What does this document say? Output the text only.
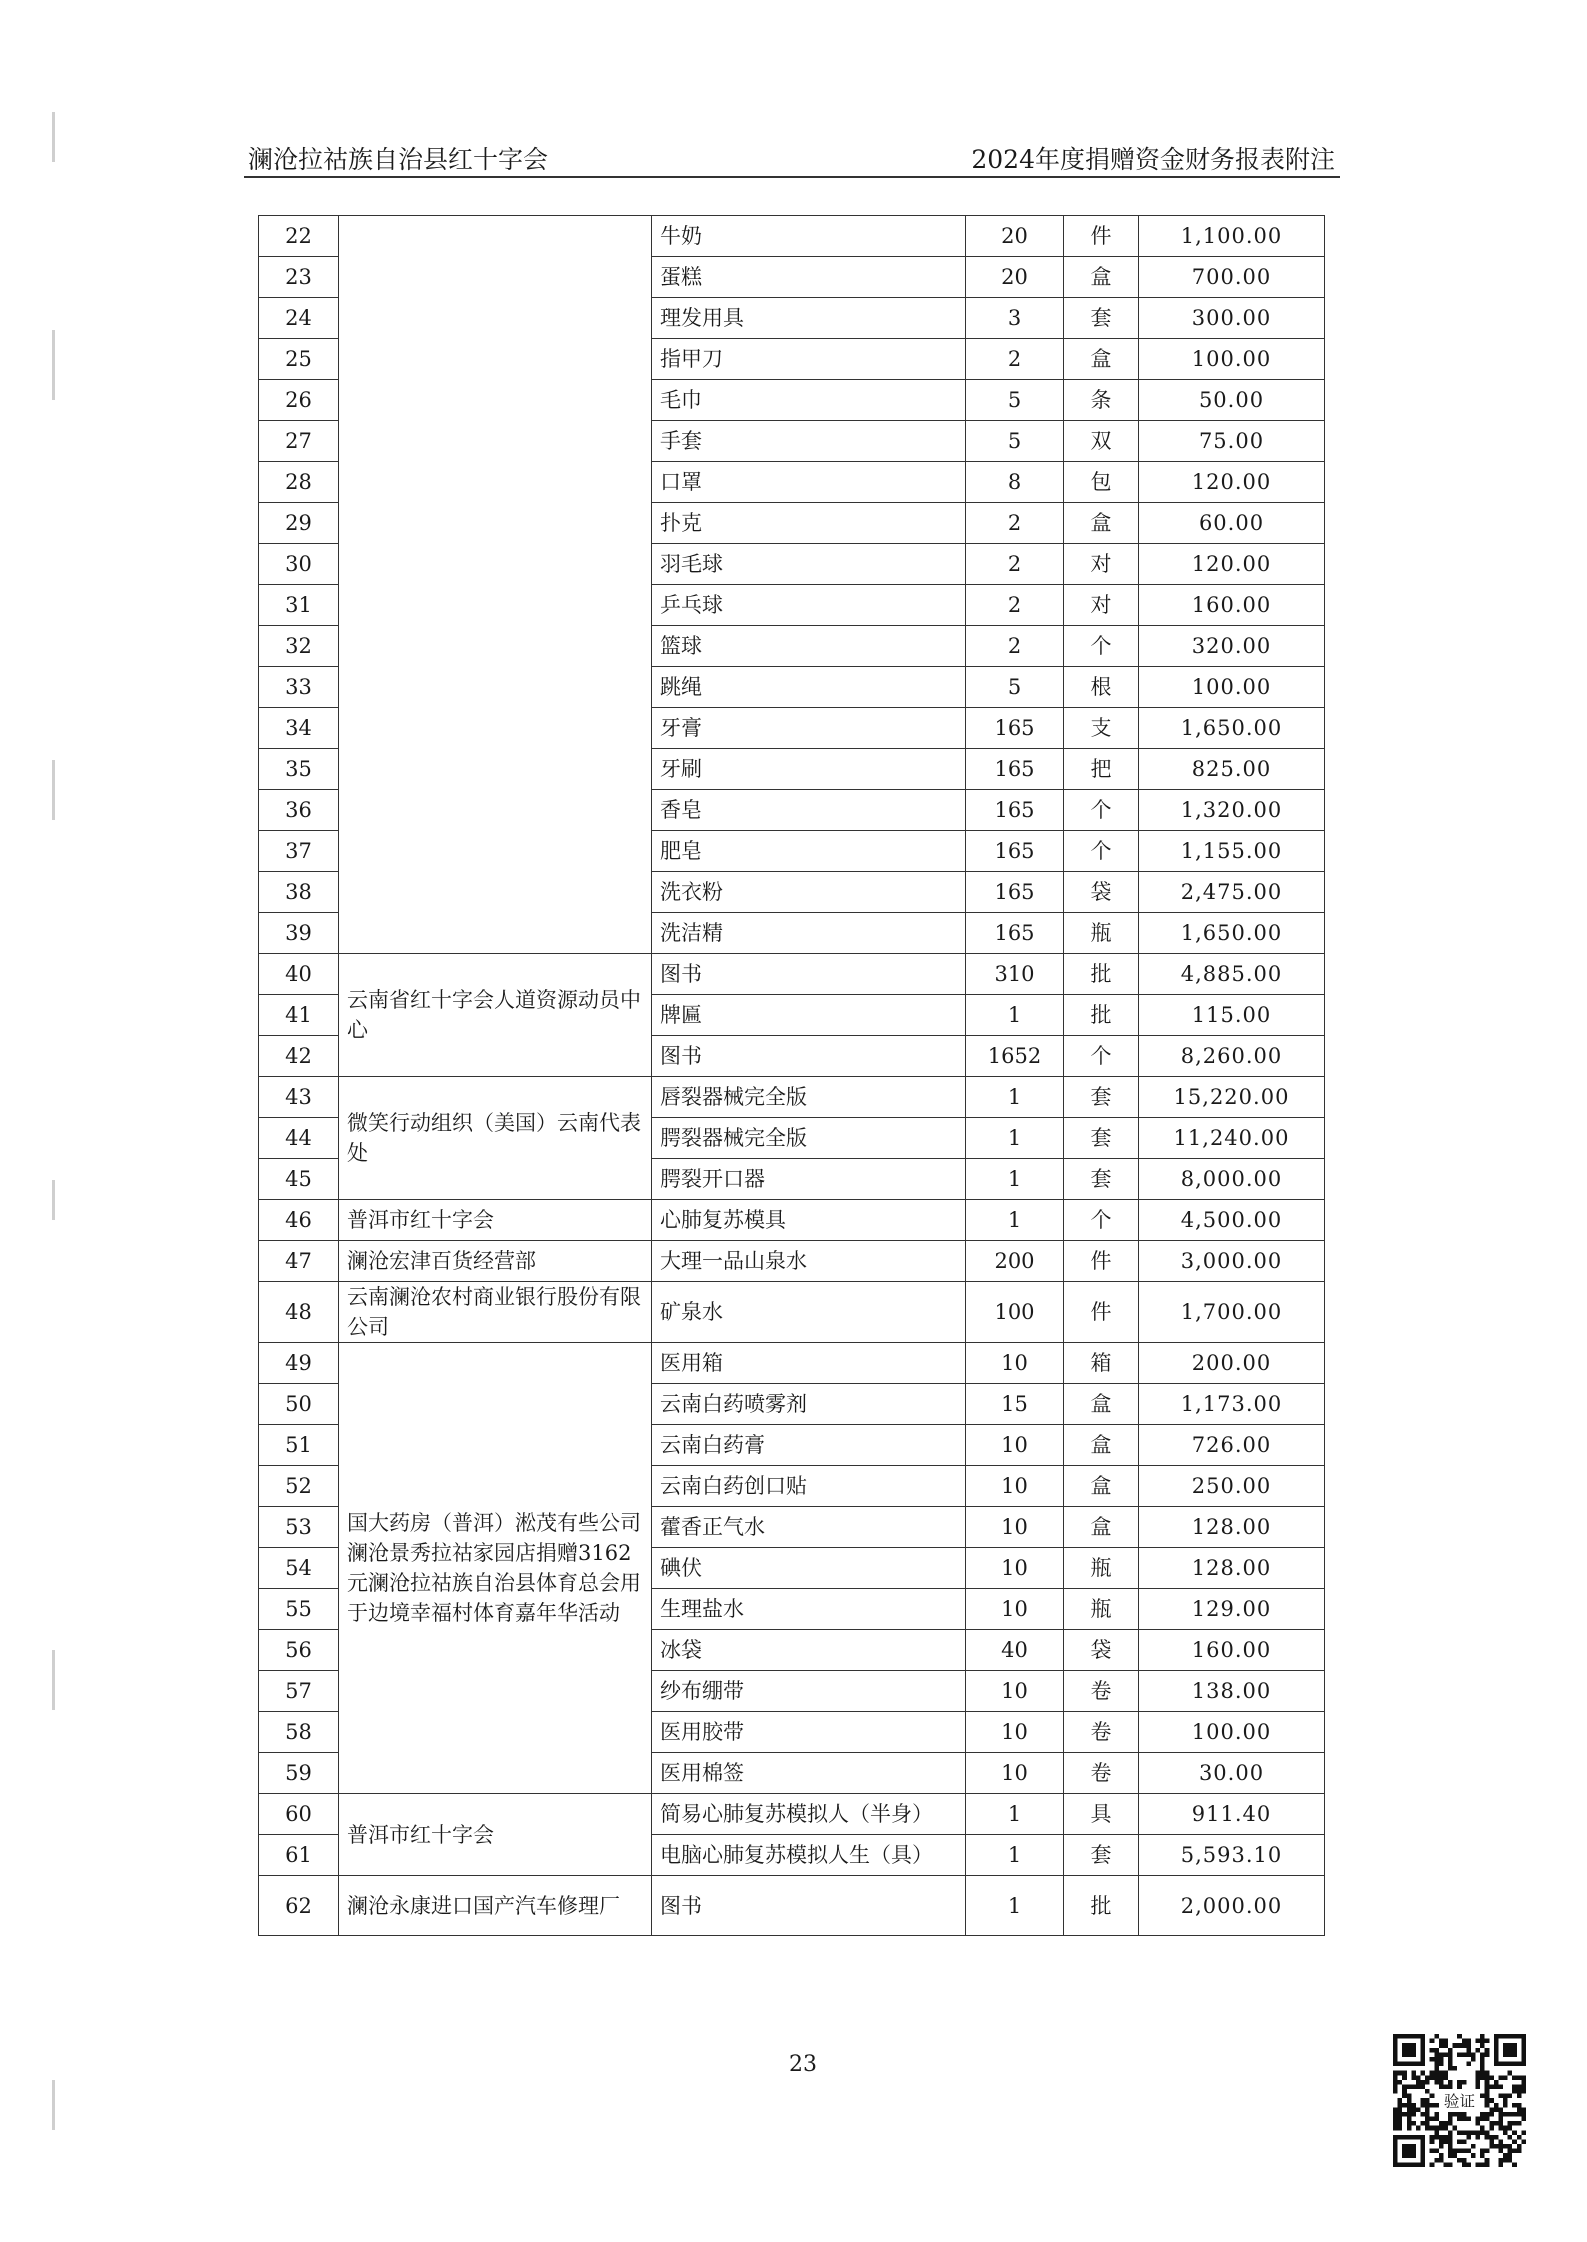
澜沧拉祜族自治县红十字会	2024年度捐赠资金财务报表附注
22		牛奶	20	件	1,100.00
23		蛋糕	20	盒	700.00
24		理发用具	3	套	300.00
25		指甲刀	2	盒	100.00
26		毛巾	5	条	50.00
27		手套	5	双	75.00
28		口罩	8	包	120.00
29		扑克	2	盒	60.00
30		羽毛球	2	对	120.00
31		乒乓球	2	对	160.00
32		篮球	2	个	320.00
33		跳绳	5	根	100.00
34		牙膏	165	支	1,650.00
35		牙刷	165	把	825.00
36		香皂	165	个	1,320.00
37		肥皂	165	个	1,155.00
38		洗衣粉	165	袋	2,475.00
39		洗洁精	165	瓶	1,650.00
40	云南省红十字会人道资源动员中心	图书	310	批	4,885.00
41		牌匾	1	批	115.00
42		图书	1652	个	8,260.00
43	微笑行动组织（美国）云南代表处	唇裂器械完全版	1	套	15,220.00
44		腭裂器械完全版	1	套	11,240.00
45		腭裂开口器	1	套	8,000.00
46	普洱市红十字会	心肺复苏模具	1	个	4,500.00
47	澜沧宏津百货经营部	大理一品山泉水	200	件	3,000.00
48	云南澜沧农村商业银行股份有限公司	矿泉水	100	件	1,700.00
49	国大药房（普洱）淞茂有些公司澜沧景秀拉祜家园店捐赠3162元澜沧拉祜族自治县体育总会用于边境幸福村体育嘉年华活动	医用箱	10	箱	200.00
50		云南白药喷雾剂	15	盒	1,173.00
51		云南白药膏	10	盒	726.00
52		云南白药创口贴	10	盒	250.00
53		藿香正气水	10	盒	128.00
54		碘伏	10	瓶	128.00
55		生理盐水	10	瓶	129.00
56		冰袋	40	袋	160.00
57		纱布绷带	10	卷	138.00
58		医用胶带	10	卷	100.00
59		医用棉签	10	卷	30.00
60	普洱市红十字会	简易心肺复苏模拟人（半身）	1	具	911.40
61		电脑心肺复苏模拟人生（具）	1	套	5,593.10
62	澜沧永康进口国产汽车修理厂	图书	1	批	2,000.00
23
验证
